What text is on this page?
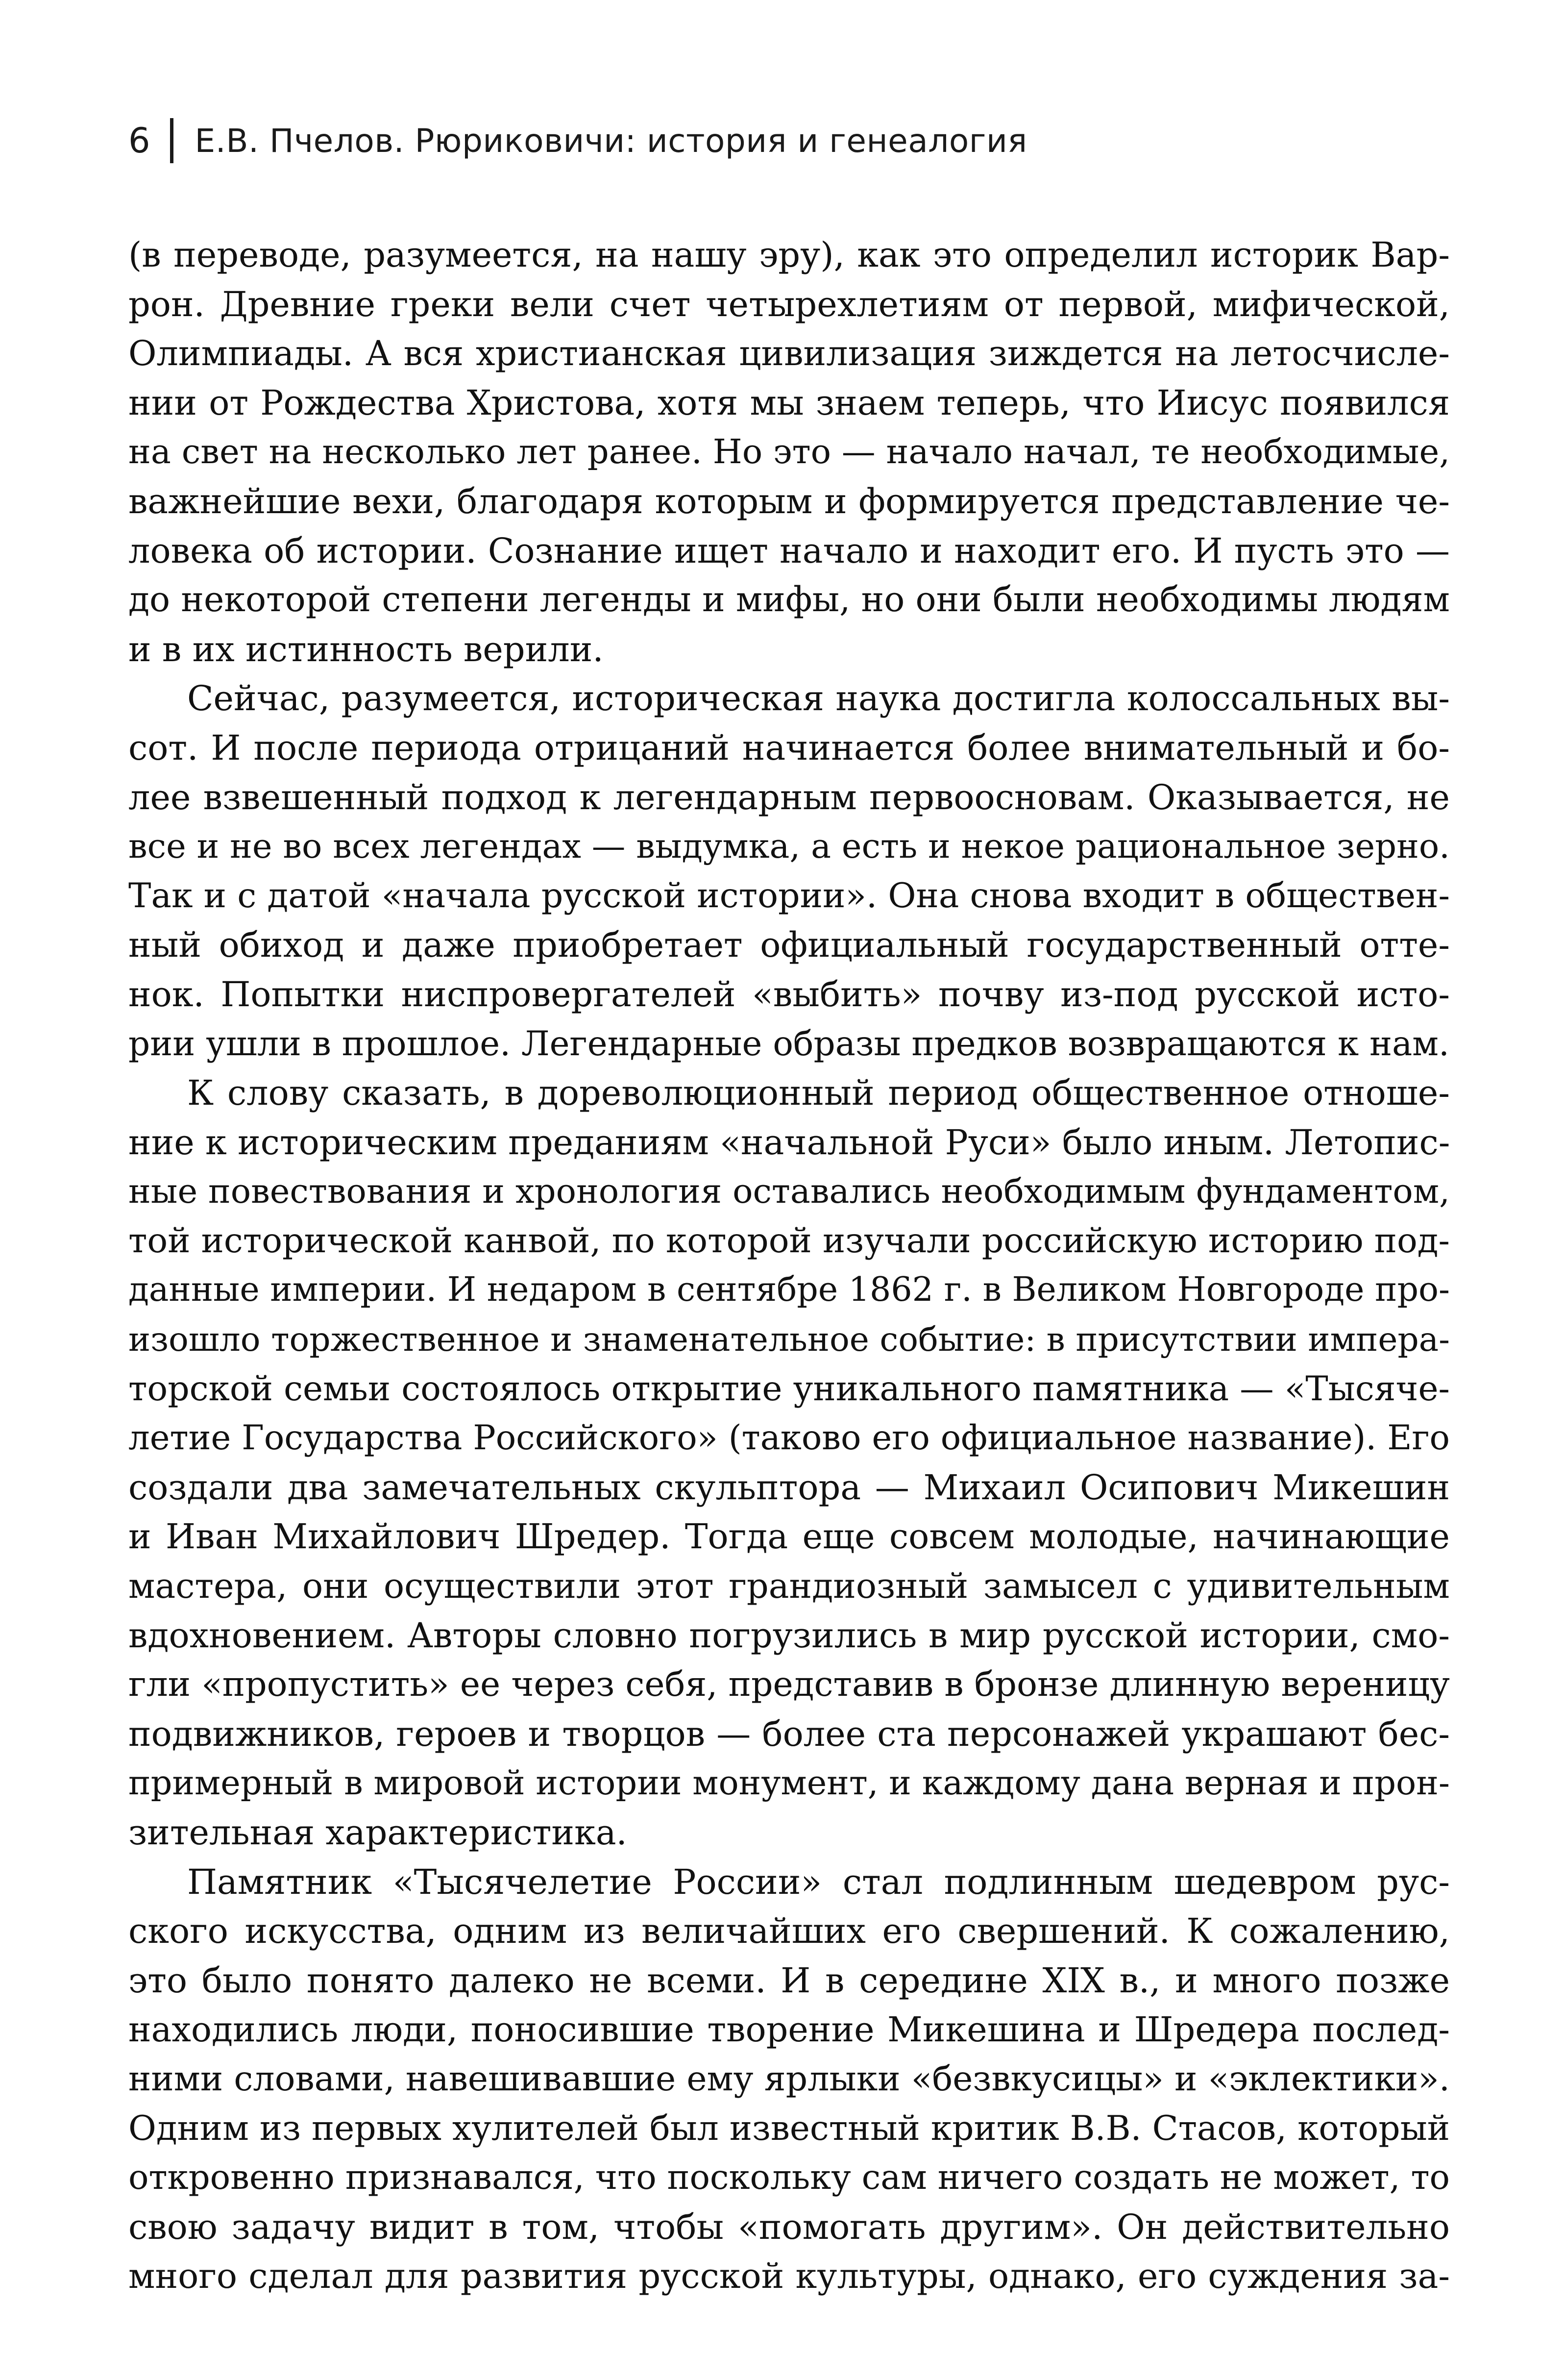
6 Е.В. Пчелов. Рюриковичи: история и генеалогия

(в переводе, разумеется, на нашу эру), как это определил историк Вар-
рон. Древние греки вели счет четырехлетиям от первой, мифической,
Олимпиады. А вся христианская цивилизация зиждется на летосчисле-
нии от Рождества Христова, хотя мы знаем теперь, что Иисус появился
на свет на несколько лет ранее. Но это — начало начал, те необходимые,
важнейшие вехи, благодаря которым и формируется представление че-
ловека об истории. Сознание ищет начало и находит его. И пусть это —
до некоторой степени легенды и мифы, но они были необходимы людям
и в их истинность верили.

Сейчас, разумеется, историческая наука достигла колоссальных вы-
сот. И после периода отрицаний начинается более внимательный и бо-
лее взвешенный подход к легендарным первоосновам. Оказывается, не
все и не во всех легендах — выдумка, а есть и некое рациональное зерно.
Так и с датой «начала русской истории». Она снова входит в обществен-
ный обиход и даже приобретает официальный государственный отте-
нок. Попытки ниспровергателей «выбить» почву из-под русской исто-
рии ушли в прошлое. Легендарные образы предков возвращаются к нам.

К слову сказать, в дореволюционный период общественное отноше-
ние к историческим преданиям «начальной Руси» было иным. Летопис-
ные повествования и хронология оставались необходимым фундаментом,
той исторической канвой, по которой изучали российскую историю под-
данные империи. И недаром в сентябре 1862 г. в Великом Новгороде про-
изошло торжественное и знаменательное событие: в присутствии импера-
торской семьи состоялось открытие уникального памятника — «Тысяче-
летие Государства Российского» (таково его официальное название). Его
создали два замечательных скульптора — Михаил Осипович Микешин
и Иван Михайлович Шредер. Тогда еще совсем молодые, начинающие
мастера, они осуществили этот грандиозный замысел с удивительным
вдохновением. Авторы словно погрузились в мир русской истории, смо-
гли «пропустить» ее через себя, представив в бронзе длинную вереницу
подвижников, героев и творцов — более ста персонажей украшают бес-
примерный в мировой истории монумент, и каждому дана верная и прон-
зительная характеристика.

Памятник «Тысячелетие России» стал подлинным шедевром рус-
ского искусства, одним из величайших его свершений. К сожалению,
это было понято далеко не всеми. И в середине XIX в., и много позже
находились люди, поносившие творение Микешина и Шредера послед-
ними словами, навешивавшие ему ярлыки «безвкусицы» и «эклектики».
Одним из первых хулителей был известный критик В.В. Стасов, который
откровенно признавался, что поскольку сам ничего создать не может, то
свою задачу видит в том, чтобы «помогать другим». Он действительно
много сделал для развития русской культуры, однако, его суждения за-
